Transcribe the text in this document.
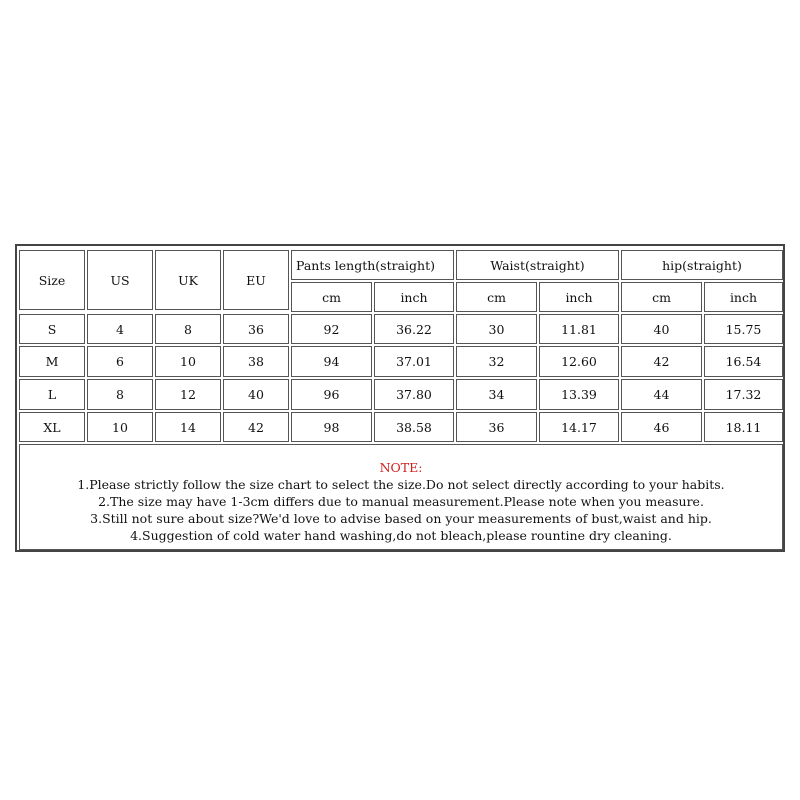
Size	US	UK	EU
Pants length(straight)	Waist(straight)	hip(straight)
cm	inch	cm	inch	cm	inch
S	4	8	36	92	36.22	30	11.81	40	15.75
M	6	10	38	94	37.01	32	12.60	42	16.54
L	8	12	40	96	37.80	34	13.39	44	17.32
XL	10	14	42	98	38.58	36	14.17	46	18.11
NOTE:
1.Please strictly follow the size chart to select the size.Do not select directly according to your habits.
2.The size may have 1-3cm differs due to manual measurement.Please note when you measure.
3.Still not sure about size?We'd love to advise based on your measurements of bust,waist and hip.
4.Suggestion of cold water hand washing,do not bleach,please rountine dry cleaning.
